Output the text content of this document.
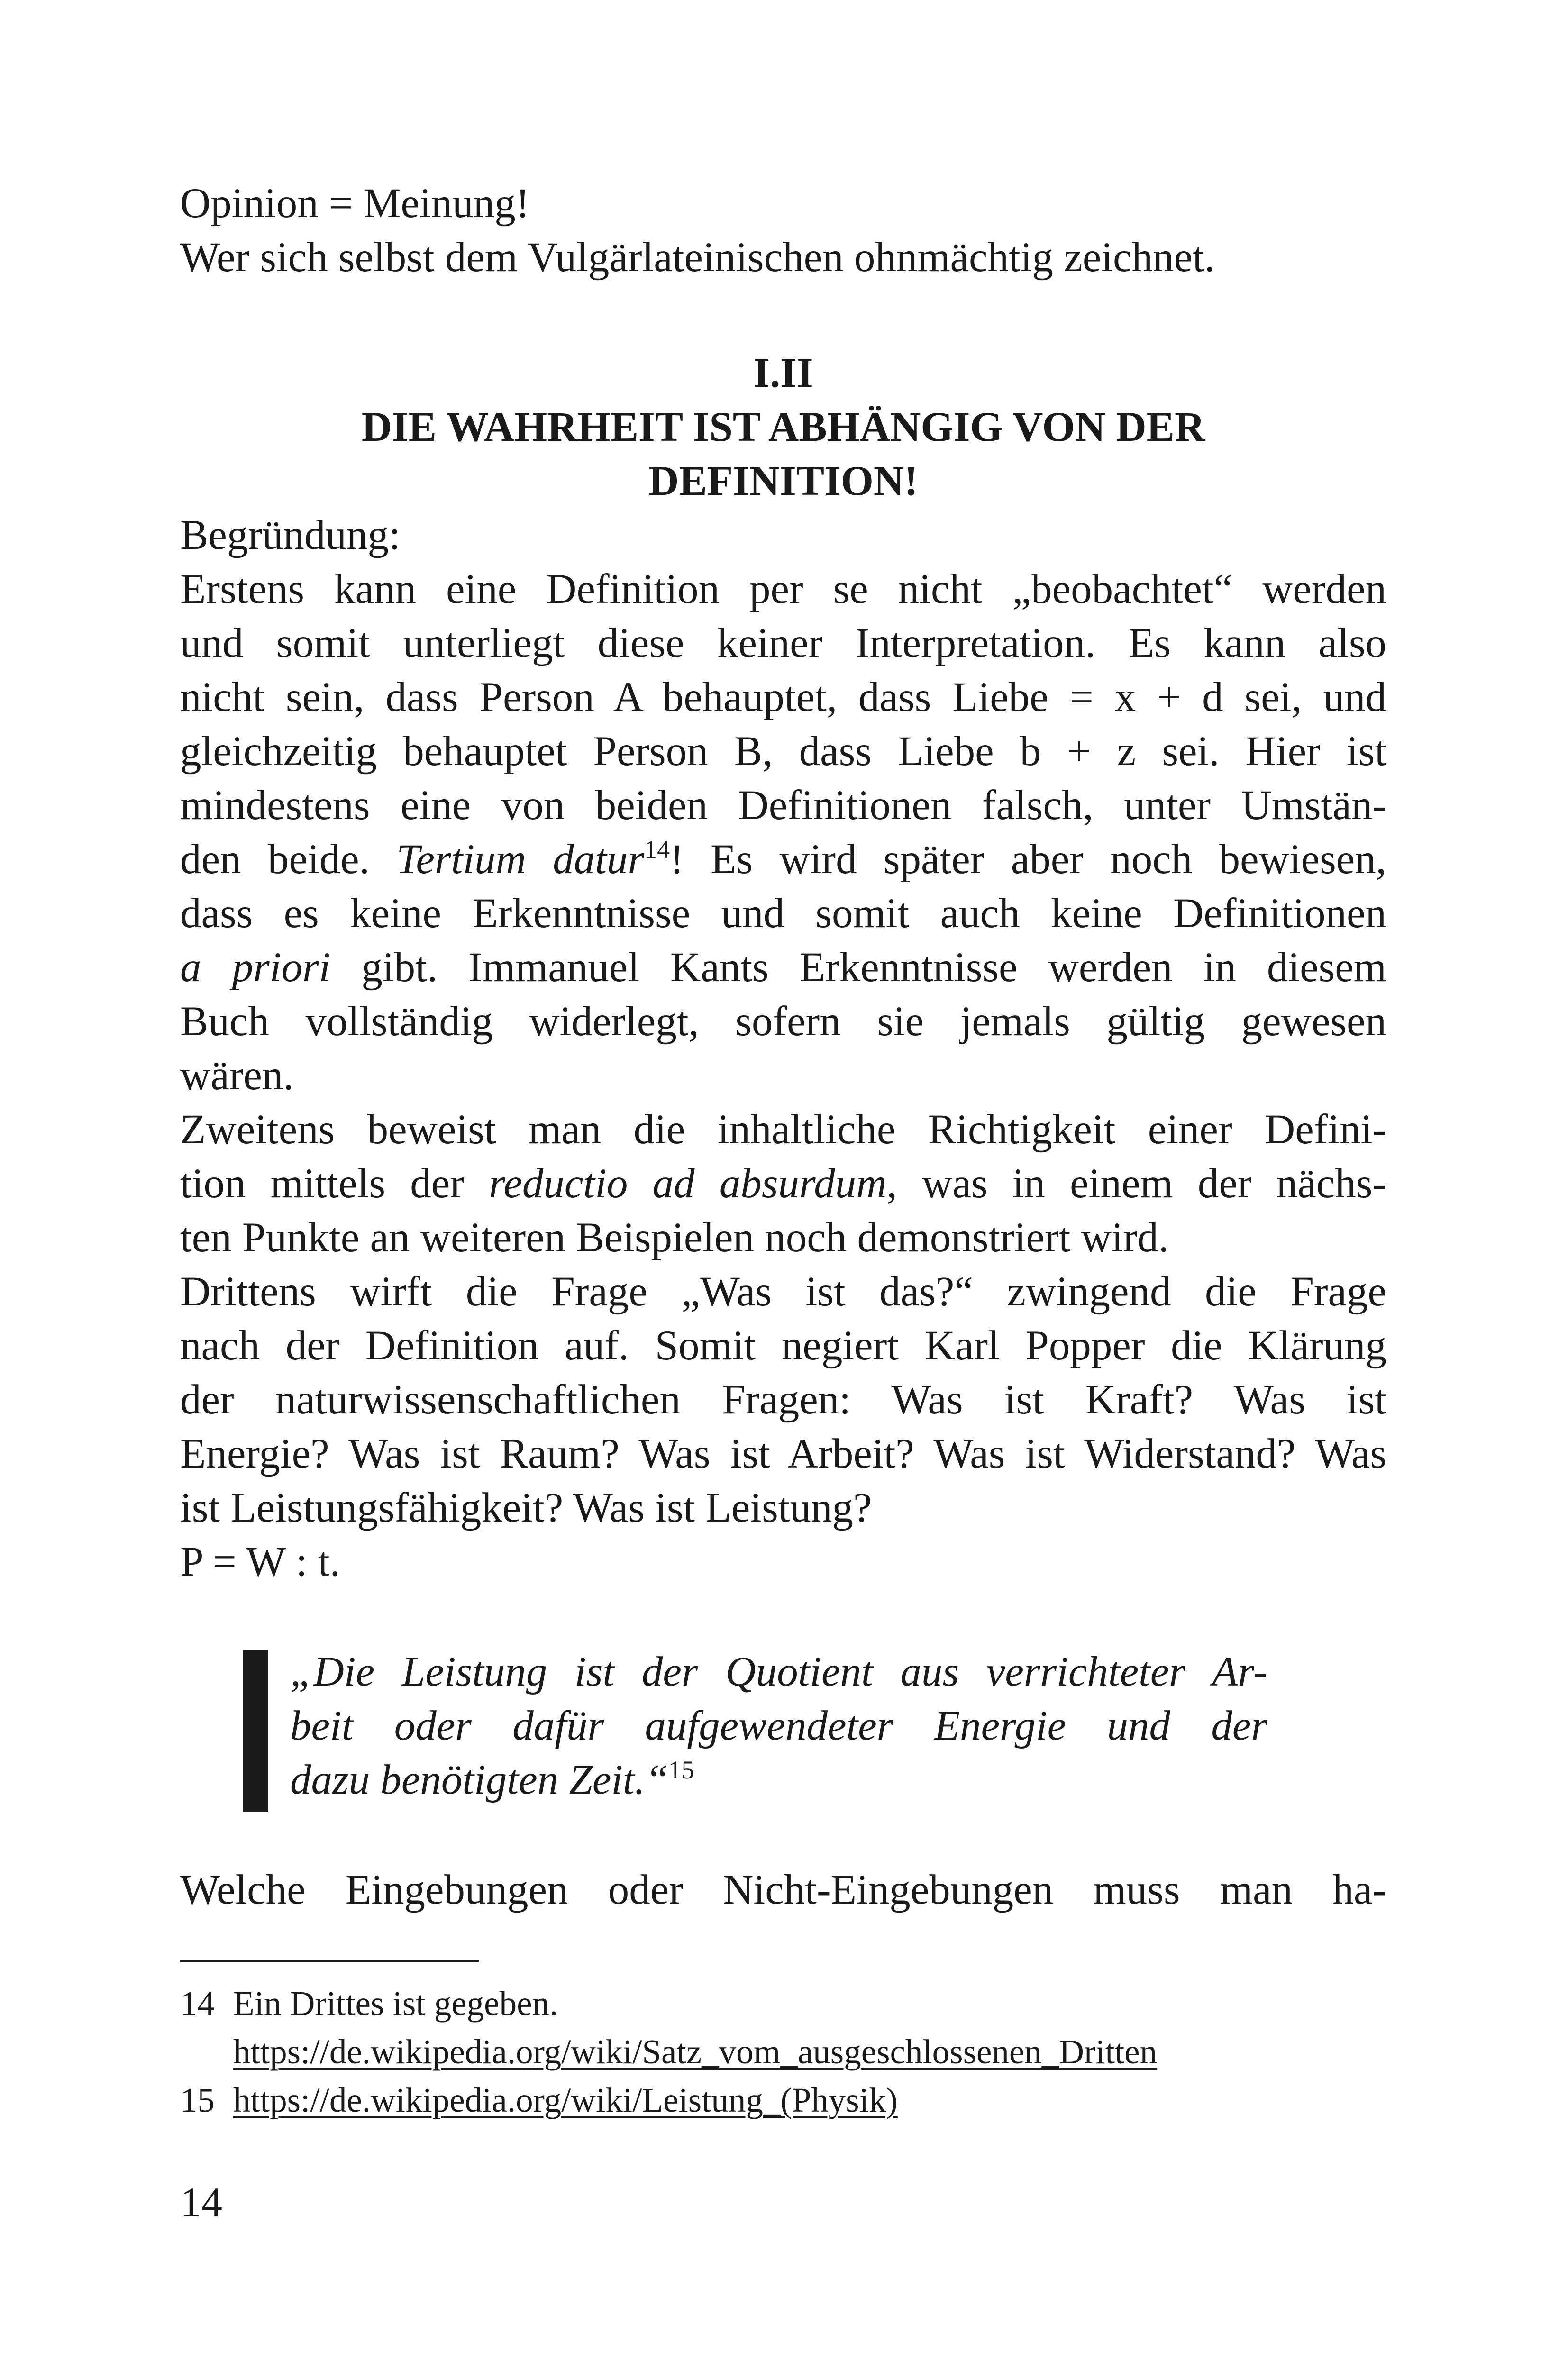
Opinion = Meinung!
Wer sich selbst dem Vulgärlateinischen ohnmächtig zeichnet.
I.II
DIE WAHRHEIT IST ABHÄNGIG VON DER
DEFINITION!
Begründung:
Erstens kann eine Definition per se nicht „beobachtet“ werden
und somit unterliegt diese keiner Interpretation. Es kann also
nicht sein, dass Person A behauptet, dass Liebe = x + d sei, und
gleichzeitig behauptet Person B, dass Liebe b + z sei. Hier ist
mindestens eine von beiden Definitionen falsch, unter Umstän-
den beide. Tertium datur$^{14}$! Es wird später aber noch bewiesen,
dass es keine Erkenntnisse und somit auch keine Definitionen
a priori gibt. Immanuel Kants Erkenntnisse werden in diesem
Buch vollständig widerlegt, sofern sie jemals gültig gewesen
wären.
Zweitens beweist man die inhaltliche Richtigkeit einer Defini-
tion mittels der reductio ad absurdum, was in einem der nächs-
ten Punkte an weiteren Beispielen noch demonstriert wird.
Drittens wirft die Frage „Was ist das?“ zwingend die Frage
nach der Definition auf. Somit negiert Karl Popper die Klärung
der naturwissenschaftlichen Fragen: Was ist Kraft? Was ist
Energie? Was ist Raum? Was ist Arbeit? Was ist Widerstand? Was
ist Leistungsfähigkeit? Was ist Leistung?
P = W : t.
„Die Leistung ist der Quotient aus verrichteter Ar-
beit oder dafür aufgewendeter Energie und der
dazu benötigten Zeit.“$^{15}$
Welche Eingebungen oder Nicht-Eingebungen muss man ha-
14 Ein Drittes ist gegeben.
https://de.wikipedia.org/wiki/Satz_vom_ausgeschlossenen_Dritten
15 https://de.wikipedia.org/wiki/Leistung_(Physik)
14
